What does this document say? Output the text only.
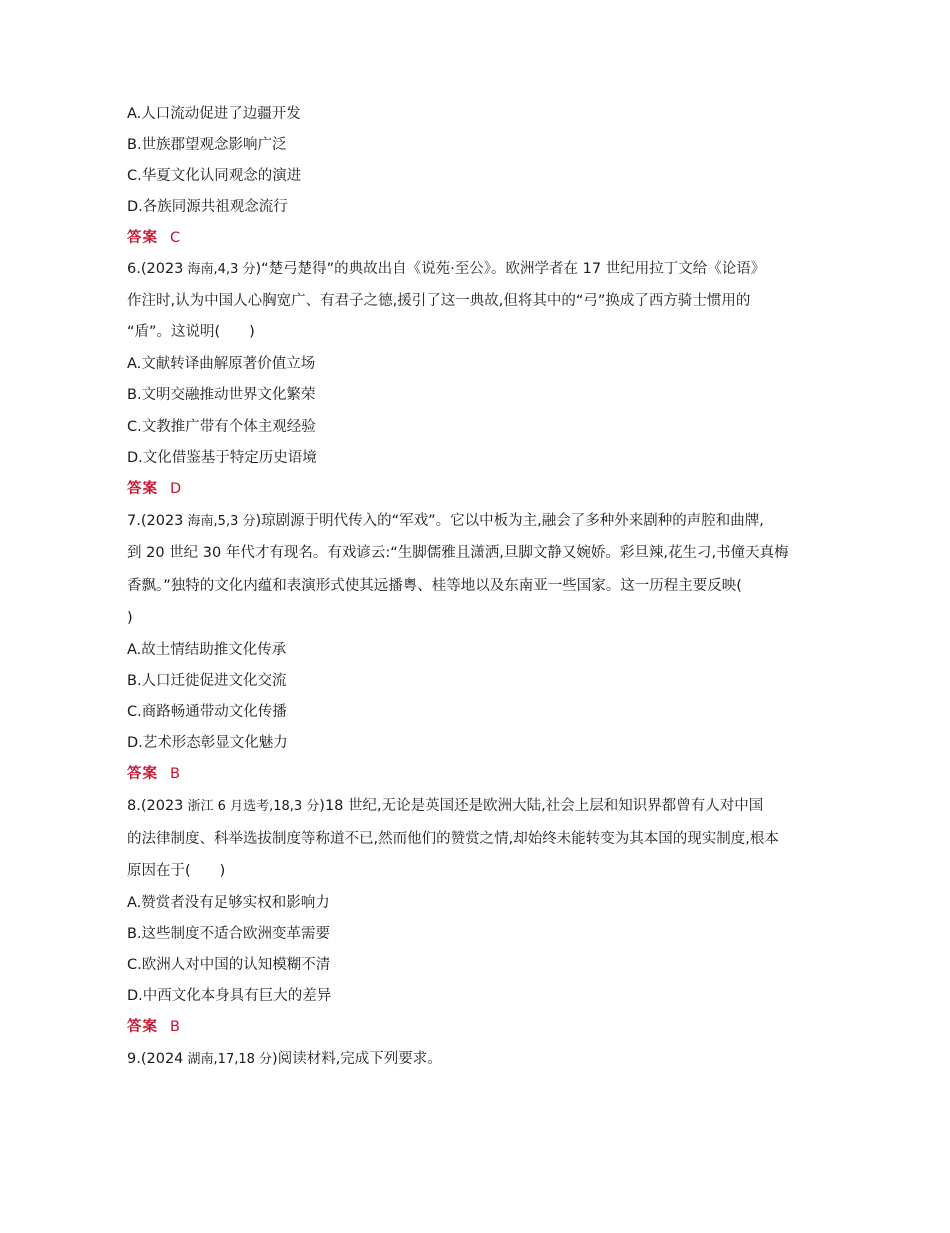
A.人口流动促进了边疆开发
B.世族郡望观念影响广泛
C.华夏文化认同观念的演进
D.各族同源共祖观念流行
答案 C
6.(2023 海南,4,3 分)“楚弓楚得”的典故出自《说苑·至公》。欧洲学者在 17 世纪用拉丁文给《论语》
作注时,认为中国人心胸宽广、有君子之德,援引了这一典故,但将其中的“弓”换成了西方骑士惯用的
“盾”。这说明(　　)
A.文献转译曲解原著价值立场
B.文明交融推动世界文化繁荣
C.文教推广带有个体主观经验
D.文化借鉴基于特定历史语境
答案 D
7.(2023 海南,5,3 分)琼剧源于明代传入的“军戏”。它以中板为主,融会了多种外来剧种的声腔和曲牌,
到 20 世纪 30 年代才有现名。有戏谚云:“生脚儒雅且潇洒,旦脚文静又婉娇。彩旦辣,花生刁,书僮天真梅
香飘。”独特的文化内蕴和表演形式使其远播粤、桂等地以及东南亚一些国家。这一历程主要反映(
)
A.故土情结助推文化传承
B.人口迁徙促进文化交流
C.商路畅通带动文化传播
D.艺术形态彰显文化魅力
答案 B
8.(2023 浙江 6 月选考,18,3 分)18 世纪,无论是英国还是欧洲大陆,社会上层和知识界都曾有人对中国
的法律制度、科举选拔制度等称道不已,然而他们的赞赏之情,却始终未能转变为其本国的现实制度,根本
原因在于(　　)
A.赞赏者没有足够实权和影响力
B.这些制度不适合欧洲变革需要
C.欧洲人对中国的认知模糊不清
D.中西文化本身具有巨大的差异
答案 B
9.(2024 湖南,17,18 分)阅读材料,完成下列要求。
